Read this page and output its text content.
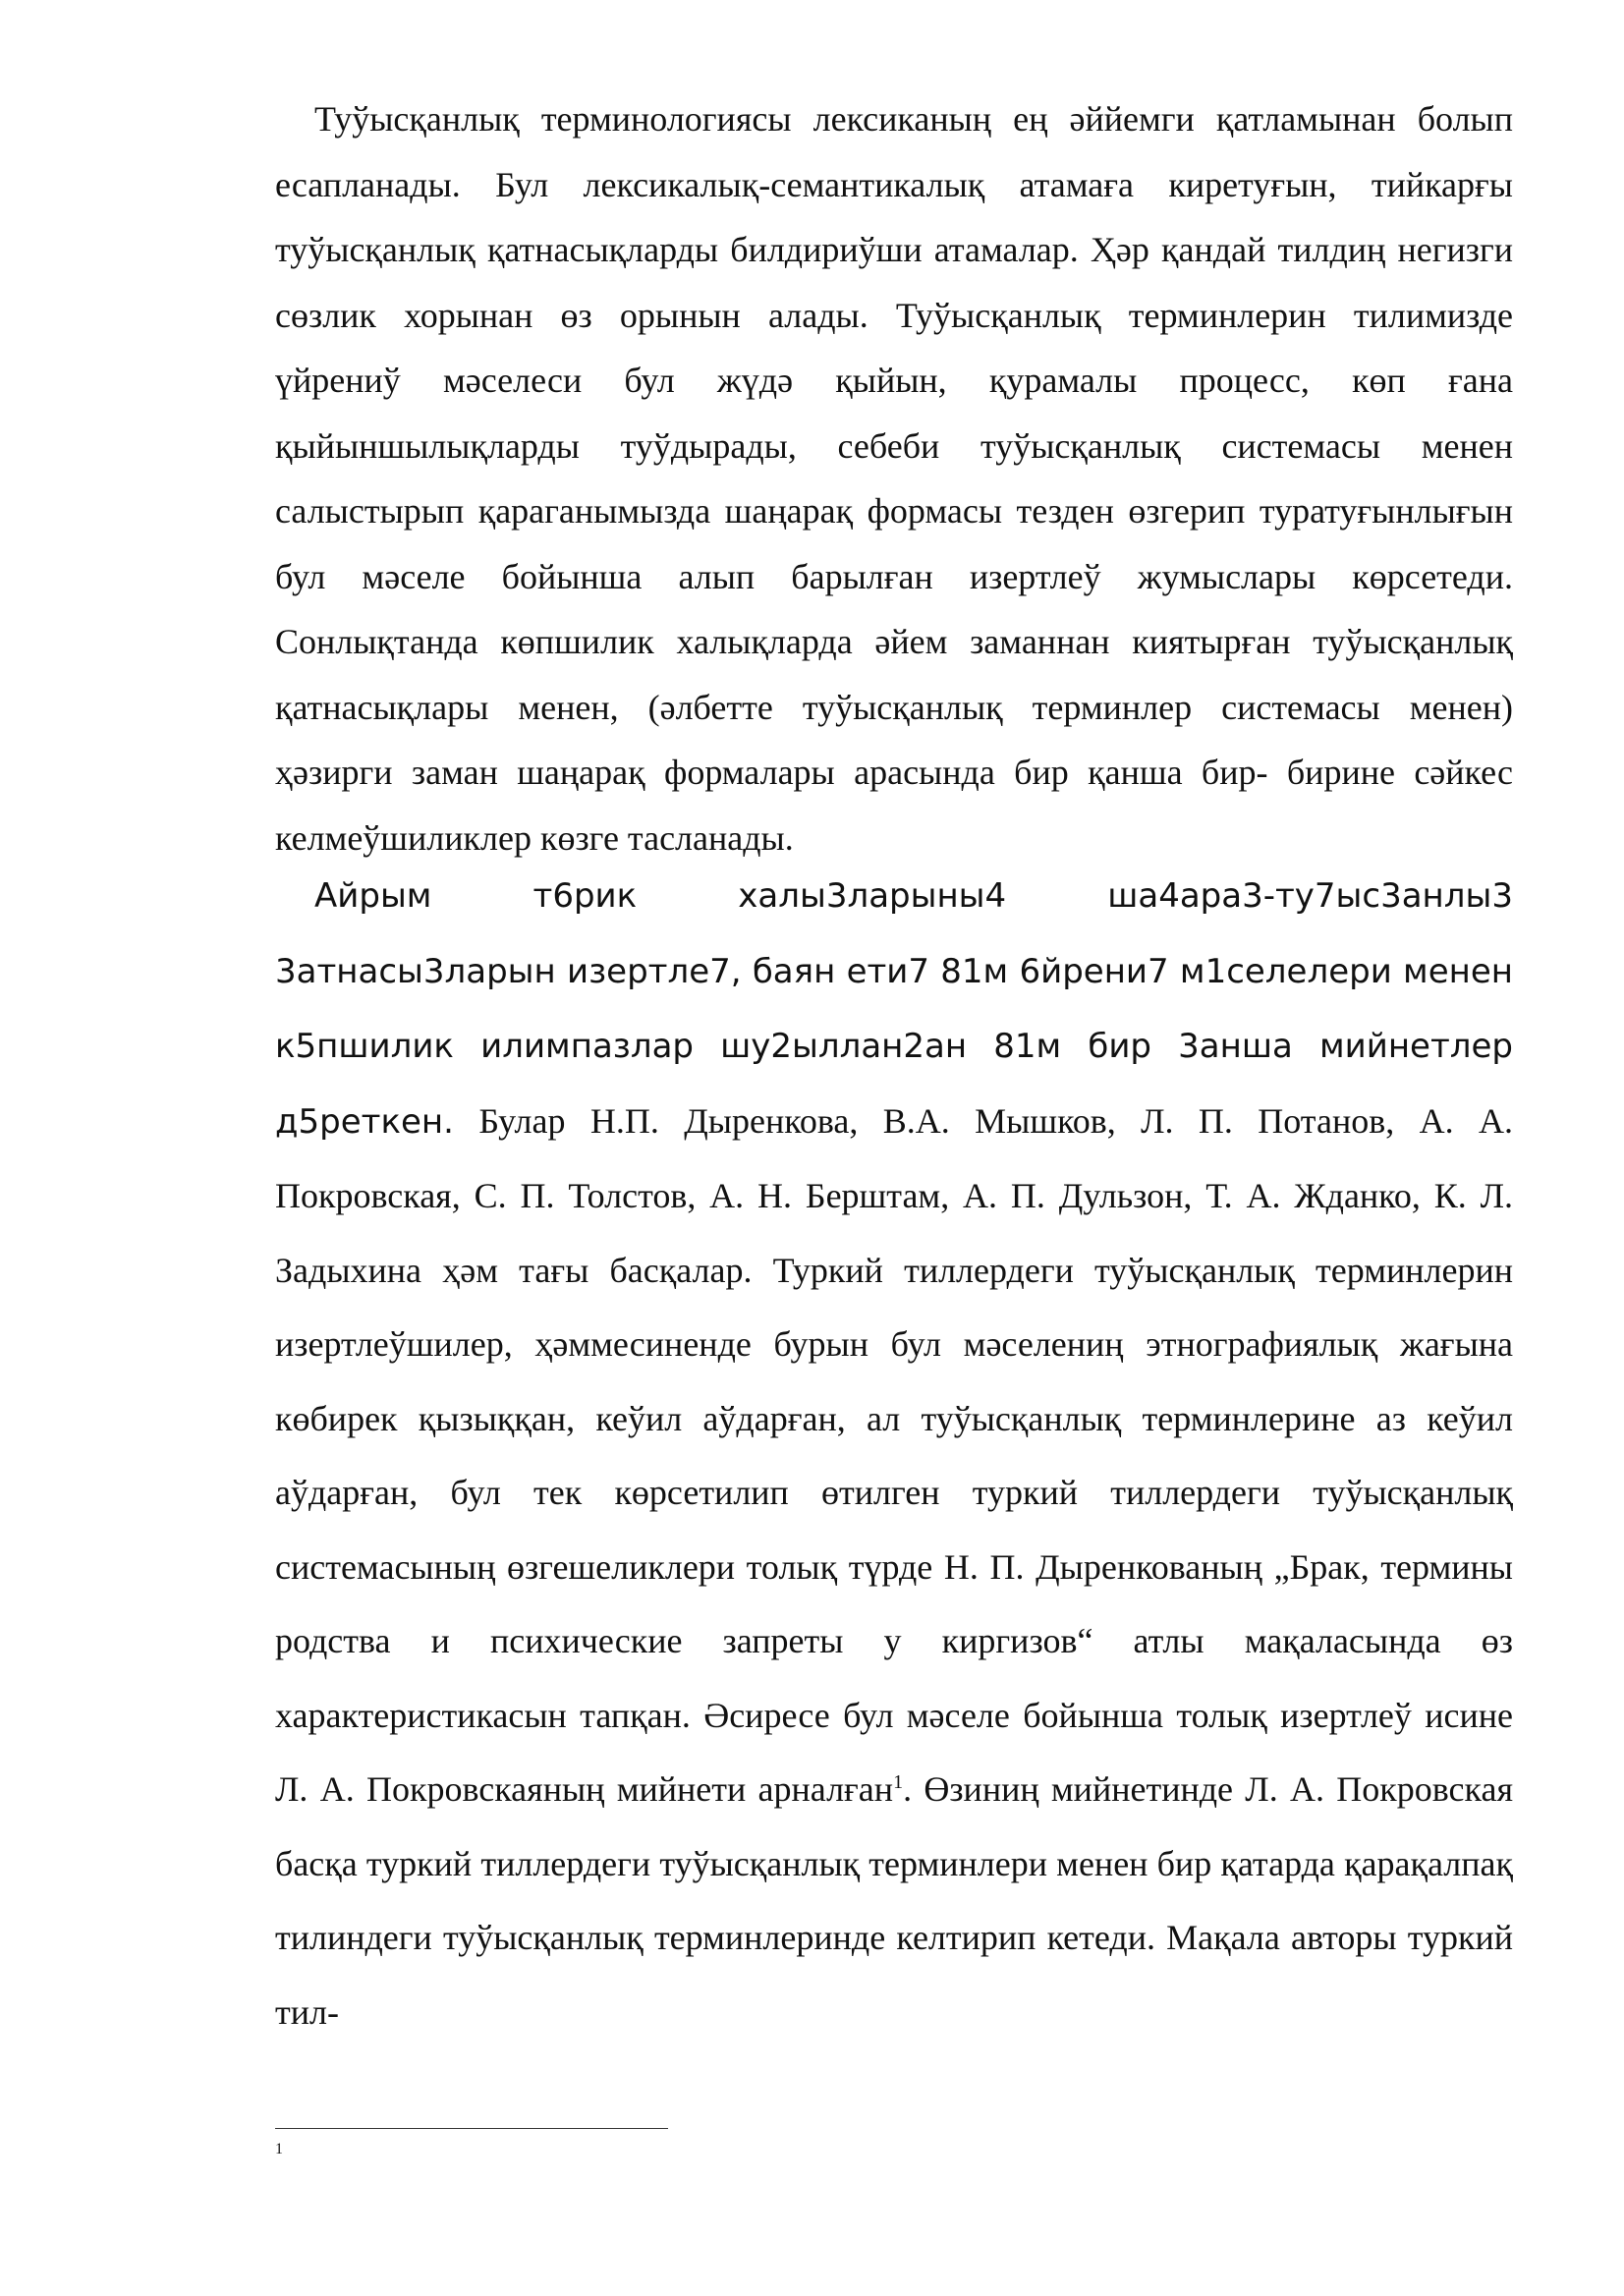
Туўысқанлық терминологиясы лексиканың ең әййемги қатламынан болып есапланады. Бул лексикалық-семантикалық атамаға киретуғын, тийкарғы туўысқанлық қатнасықларды билдириўши атамалар. Ҳәр қандай тилдиң негизги сөзлик хорынан өз орынын алады. Туўысқанлық терминлерин тилимизде үйрениў мәселеси бул жүдә қыйын, қурамалы процесс, көп ғана қыйыншылықларды туўдырады, себеби туўысқанлық системасы менен салыстырып қараганымызда шаңарақ формасы тезден өзгерип туратуғынлығын бул мәселе бойынша алып барылған изертлеў жумыслары көрсетеди. Сонлықтанда көпшилик халықларда әйем заманнан киятырған туўысқанлық қатнасықлары менен, (әлбетте туўысқанлық терминлер системасы менен) ҳәзирги заман шаңарақ формалары арасында бир қанша бир- бирине сәйкес келмеўшиликлер көзге тасланады.

Айрым т6рик халы3ларыны4 ша4ара3-ту7ыс3анлы3 3атнасы3ларын изертле7, баян ети7 81м 6йрени7 м1селелери менен к5пшилик илимпазлар шу2ыллан2ан 81м бир 3анша мийнетлер д5реткен. Булар Н.П. Дыренкова, В.А. Мышков, Л. П. Потанов, А. А. Покровская, С. П. Толстов, А. Н. Берштам, А. П. Дульзон, Т. А. Жданко, К. Л. Задыхина ҳәм тағы басқалар. Туркий тиллердеги туўысқанлық терминлерин изертлеўшилер, ҳәммесиненде бурын бул мәселениң этнографиялық жағына көбирек қызыққан, кеўил аўдарған, ал туўысқанлық терминлерине аз кеўил аўдарған, бул тек көрсетилип өтилген туркий тиллердеги туўысқанлық системасының өзгешеликлери толық түрде Н. П. Дыренкованың „Брак, термины родства и психические запреты у киргизов“ атлы мақаласында өз характеристикасын тапқан. Әсиресе бул мәселе бойынша толық изертлеў исине Л. А. Покровскаяның мийнети арналған$^1$. Өзиниң мийнетинде Л. А. Покровская басқа туркий тиллердеги туўысқанлық терминлери менен бир қатарда қарақалпақ тилиндеги туўысқанлық терминлеринде келтирип кетеди. Мақала авторы туркий тил-

1
